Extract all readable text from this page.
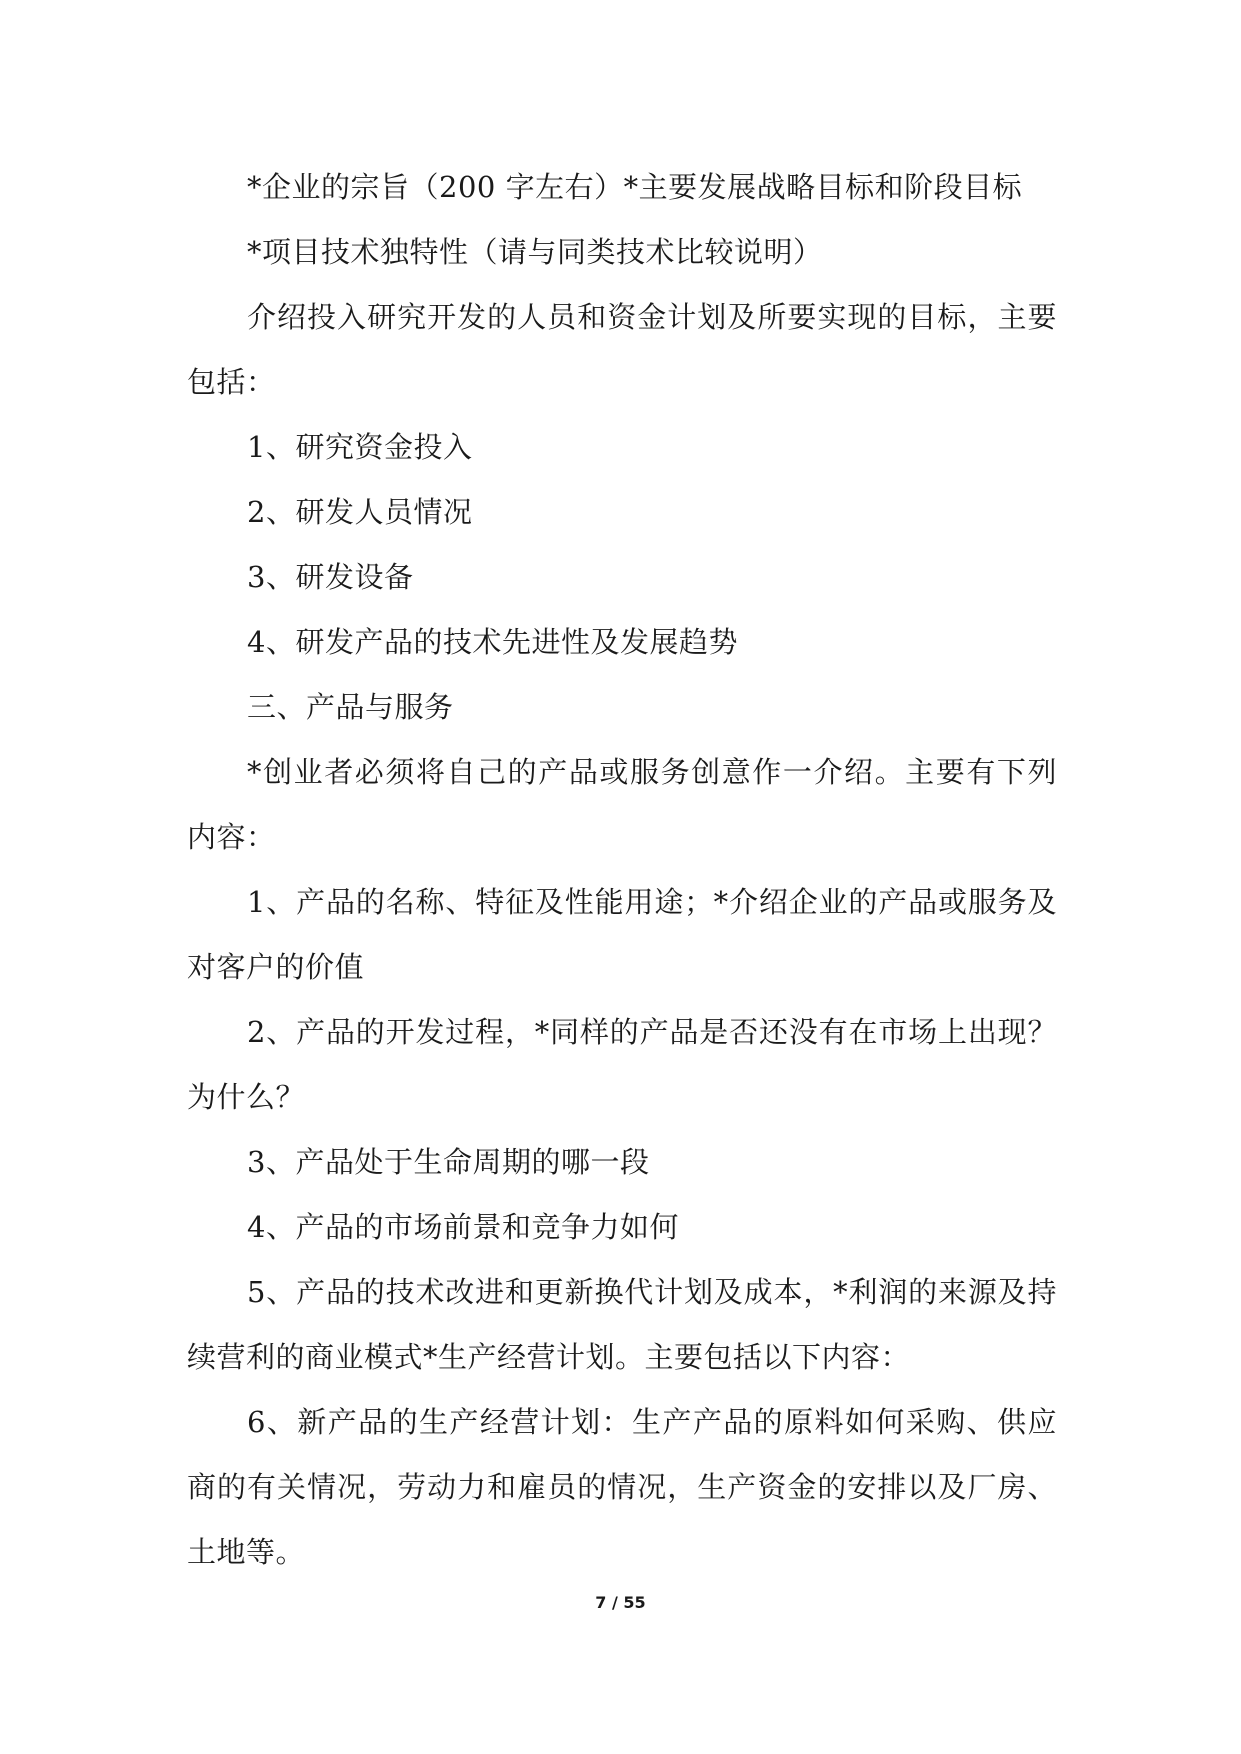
*企业的宗旨（200 字左右）*主要发展战略目标和阶段目标

*项目技术独特性（请与同类技术比较说明）

介绍投入研究开发的人员和资金计划及所要实现的目标，主要包括：

1、研究资金投入

2、研发人员情况

3、研发设备

4、研发产品的技术先进性及发展趋势

三、产品与服务

*创业者必须将自己的产品或服务创意作一介绍。主要有下列内容：

1、产品的名称、特征及性能用途；*介绍企业的产品或服务及对客户的价值

2、产品的开发过程，*同样的产品是否还没有在市场上出现？为什么？

3、产品处于生命周期的哪一段

4、产品的市场前景和竞争力如何

5、产品的技术改进和更新换代计划及成本，*利润的来源及持续营利的商业模式*生产经营计划。主要包括以下内容：

6、新产品的生产经营计划：生产产品的原料如何采购、供应商的有关情况，劳动力和雇员的情况，生产资金的安排以及厂房、土地等。

7 / 55
